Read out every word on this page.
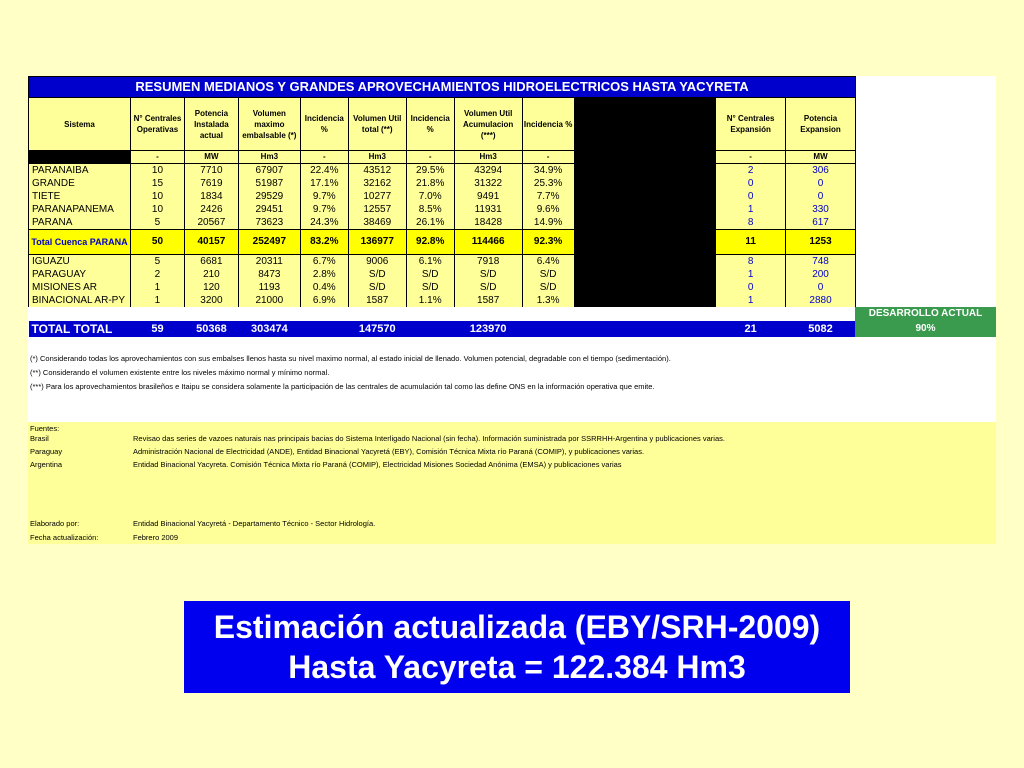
RESUMEN MEDIANOS Y GRANDES APROVECHAMIENTOS HIDROELECTRICOS HASTA YACYRETA												
Sistema	N° Centrales Operativas	Potencia Instalada actual	Volumen maximo embalsable (*)	Incidencia %	Volumen Util total (**)	Incidencia %	Volumen Util Acumulacion (***)	Incidencia %		N° Centrales Expansión	Potencia Expansion	
	-	MW	Hm3	-	Hm3	-	Hm3	-		-	MW	
PARANAIBA	10	7710	67907	22.4%	43512	29.5%	43294	34.9%		2	306	
GRANDE	15	7619	51987	17.1%	32162	21.8%	31322	25.3%		0	0	
TIETE	10	1834	29529	9.7%	10277	7.0%	9491	7.7%		0	0	
PARANAPANEMA	10	2426	29451	9.7%	12557	8.5%	11931	9.6%		1	330	
PARANA	5	20567	73623	24.3%	38469	26.1%	18428	14.9%		8	617	
Total Cuenca PARANA	50	40157	252497	83.2%	136977	92.8%	114466	92.3%		11	1253	
IGUAZU	5	6681	20311	6.7%	9006	6.1%	7918	6.4%		8	748	
PARAGUAY	2	210	8473	2.8%	S/D	S/D	S/D	S/D		1	200	
MISIONES AR	1	120	1193	0.4%	S/D	S/D	S/D	S/D		0	0	
BINACIONAL AR-PY	1	3200	21000	6.9%	1587	1.1%	1587	1.3%		1	2880	
												DESARROLLO ACTUAL
TOTAL TOTAL	59	50368	303474		147570		123970			21	5082	90%
(*) Considerando todas los aprovechamientos con sus embalses llenos hasta su nivel maximo normal, al estado inicial de llenado. Volumen potencial, degradable con el tiempo (sedimentación).
(**) Considerando el volumen existente entre los niveles máximo normal y mínimo normal.
(***) Para los aprovechamientos brasileños e Itaipu se considera solamente la participación de las centrales de acumulación tal como las define ONS en la información operativa que emite.
Fuentes:
Brasil	Revisao das series de vazoes naturais nas principais bacias do Sistema Interligado Nacional (sin fecha). Información suministrada por SSRRHH-Argentina y publicaciones varias.
Paraguay	Administración Nacional de Electricidad (ANDE), Entidad Binacional Yacyretá (EBY), Comisión Técnica Mixta río Paraná (COMIP), y publicaciones varias.
Argentina	Entidad Binacional Yacyreta. Comisión Técnica Mixta río Paraná (COMIP), Electricidad Misiones Sociedad Anónima (EMSA) y publicaciones varias
Elaborado por:	Entidad Binacional Yacyretá - Departamento Técnico - Sector Hidrología.
Fecha actualización:	Febrero 2009
Estimación actualizada (EBY/SRH-2009)
Hasta Yacyreta = 122.384 Hm3
